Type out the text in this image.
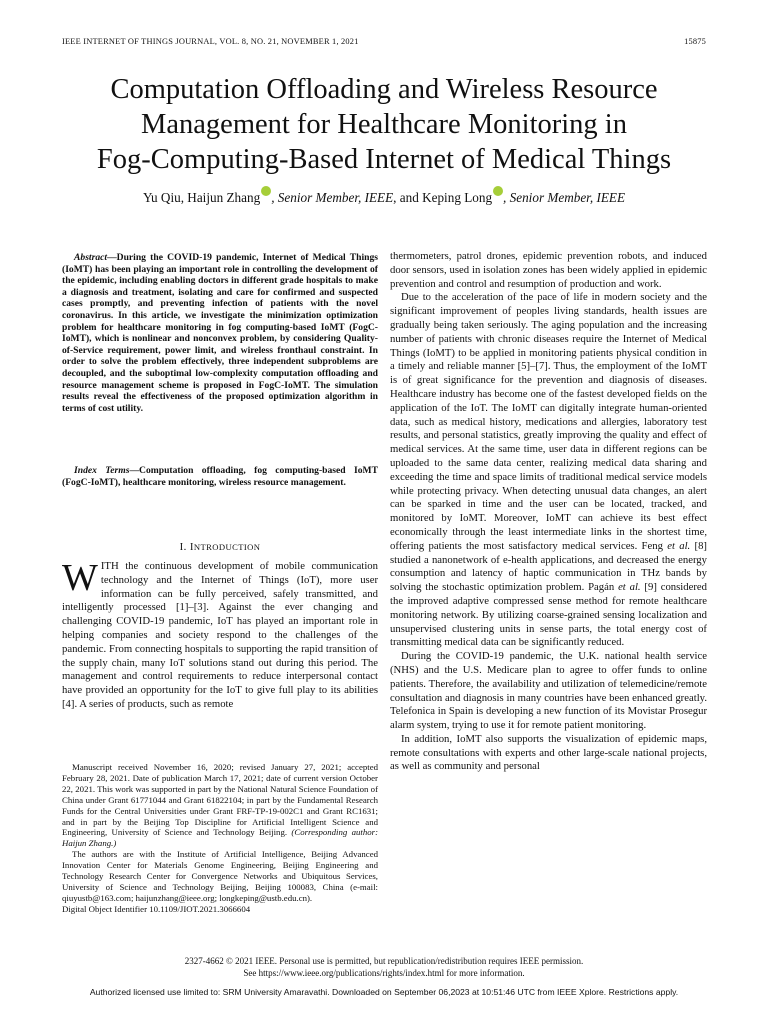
IEEE INTERNET OF THINGS JOURNAL, VOL. 8, NO. 21, NOVEMBER 1, 2021	15875
Computation Offloading and Wireless Resource
Management for Healthcare Monitoring in
Fog-Computing-Based Internet of Medical Things
Yu Qiu, Haijun Zhang , Senior Member, IEEE, and Keping Long , Senior Member, IEEE

Abstract—During the COVID-19 pandemic, Internet of Medical Things (IoMT) has been playing an important role in controlling the development of the epidemic, including enabling doctors in different grade hospitals to make a diagnosis and treatment, isolating and care for confirmed and suspected cases promptly, and preventing infection of patients with the novel coronavirus. In this article, we investigate the minimization optimization problem for healthcare monitoring in fog computing-based IoMT (FogC-IoMT), which is nonlinear and nonconvex problem, by considering Quality-of-Service requirement, power limit, and wireless fronthaul constraint. In order to solve the problem effectively, three independent subproblems are decoupled, and the suboptimal low-complexity computation offloading and resource management scheme is proposed in FogC-IoMT. The simulation results reveal the effectiveness of the proposed optimization algorithm in terms of cost utility.

Index Terms—Computation offloading, fog computing-based IoMT (FogC-IoMT), healthcare monitoring, wireless resource management.

I. INTRODUCTION

WITH the continuous development of mobile communication technology and the Internet of Things (IoT), more user information can be fully perceived, safely transmitted, and intelligently processed [1]–[3]. Against the ever changing and challenging COVID-19 pandemic, IoT has played an important role in helping companies and society respond to the challenges of the pandemic. From connecting hospitals to supporting the rapid transition of the supply chain, many IoT solutions stand out during this period. The management and control requirements to reduce interpersonal contact have provided an opportunity for the IoT to give full play to its abilities [4]. A series of products, such as remote

Manuscript received November 16, 2020; revised January 27, 2021; accepted February 28, 2021. Date of publication March 17, 2021; date of current version October 22, 2021. This work was supported in part by the National Natural Science Foundation of China under Grant 61771044 and Grant 61822104; in part by the Fundamental Research Funds for the Central Universities under Grant FRF-TP-19-002C1 and Grant RC1631; and in part by the Beijing Top Discipline for Artificial Intelligent Science and Engineering, University of Science and Technology Beijing. (Corresponding author: Haijun Zhang.)

The authors are with the Institute of Artificial Intelligence, Beijing Advanced Innovation Center for Materials Genome Engineering, Beijing Engineering and Technology Research Center for Convergence Networks and Ubiquitous Services, University of Science and Technology Beijing, Beijing 100083, China (e-mail: qiuyustb@163.com; haijunzhang@ieee.org; longkeping@ustb.edu.cn).

Digital Object Identifier 10.1109/JIOT.2021.3066604

thermometers, patrol drones, epidemic prevention robots, and induced door sensors, used in isolation zones has been widely applied in epidemic prevention and control and resumption of production and work.

Due to the acceleration of the pace of life in modern society and the significant improvement of peoples living standards, health issues are gradually being taken seriously. The aging population and the increasing number of patients with chronic diseases require the Internet of Medical Things (IoMT) to be applied in monitoring patients physical condition in a timely and reliable manner [5]–[7]. Thus, the employment of the IoMT is of great significance for the prevention and diagnosis of diseases. Healthcare industry has become one of the fastest developed fields on the application of the IoT. The IoMT can digitally integrate human-oriented data, such as medical history, medications and allergies, laboratory test results, and personal statistics, greatly improving the quality and effect of medical services. At the same time, user data in different regions can be uploaded to the same data center, realizing medical data sharing and exceeding the time and space limits of traditional medical service models while protecting privacy. When detecting unusual data changes, an alert can be sparked in time and the user can be located, tracked, and monitored by IoMT. Moreover, IoMT can achieve its best effect economically through the least intermediate links in the shortest time, offering patients the most satisfactory medical services. Feng et al. [8] studied a nanonetwork of e-health applications, and decreased the energy consumption and latency of haptic communication in THz bands by solving the stochastic optimization problem. Pagán et al. [9] considered the improved adaptive compressed sense method for remote healthcare monitoring network. By utilizing coarse-grained sensing localization and unsupervised clustering units in sense parts, the total energy cost of transmitting medical data can be significantly reduced.

During the COVID-19 pandemic, the U.K. national health service (NHS) and the U.S. Medicare plan to agree to offer funds to online patients. Therefore, the availability and utilization of telemedicine/remote consultation and diagnosis in many countries have been enhanced greatly. Telefonica in Spain is developing a new function of its Movistar Prosegur alarm system, trying to use it for remote patient monitoring.

In addition, IoMT also supports the visualization of epidemic maps, remote consultations with experts and other large-scale national projects, as well as community and personal

2327-4662 © 2021 IEEE. Personal use is permitted, but republication/redistribution requires IEEE permission.
See https://www.ieee.org/publications/rights/index.html for more information.
Authorized licensed use limited to: SRM University Amaravathi. Downloaded on September 06,2023 at 10:51:46 UTC from IEEE Xplore. Restrictions apply.
